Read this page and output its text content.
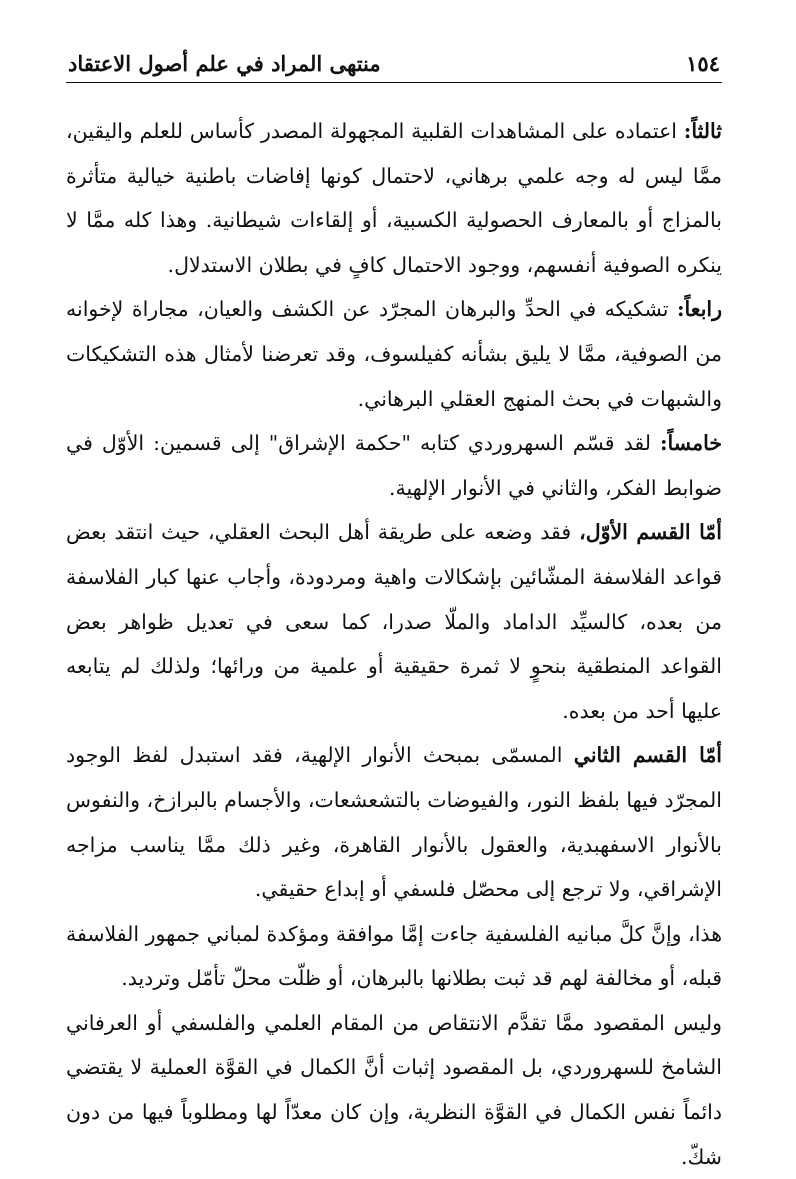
١٥٤
منتهى المراد في علم أصول الاعتقاد

ثالثاً: اعتماده على المشاهدات القلبية المجهولة المصدر كأساس للعلم واليقين، ممَّا ليس له وجه علمي برهاني، لاحتمال كونها إفاضات باطنية خيالية متأثرة بالمزاج أو بالمعارف الحصولية الكسبية، أو إلقاءات شيطانية. وهذا كله ممَّا لا ينكره الصوفية أنفسهم، ووجود الاحتمال كافٍ في بطلان الاستدلال.

رابعاً: تشكيكه في الحدِّ والبرهان المجرّد عن الكشف والعيان، مجاراة لإخوانه من الصوفية، ممَّا لا يليق بشأنه كفيلسوف، وقد تعرضنا لأمثال هذه التشكيكات والشبهات في بحث المنهج العقلي البرهاني.

خامساً: لقد قسّم السهروردي كتابه "حكمة الإشراق" إلى قسمين: الأوّل في ضوابط الفكر، والثاني في الأنوار الإلهية.

أمّا القسم الأوّل، فقد وضعه على طريقة أهل البحث العقلي، حيث انتقد بعض قواعد الفلاسفة المشّائين بإشكالات واهية ومردودة، وأجاب عنها كبار الفلاسفة من بعده، كالسيِّد الداماد والملّا صدرا، كما سعى في تعديل ظواهر بعض القواعد المنطقية بنحوٍ لا ثمرة حقيقية أو علمية من ورائها؛ ولذلك لم يتابعه عليها أحد من بعده.

أمّا القسم الثاني المسمّى بمبحث الأنوار الإلهية، فقد استبدل لفظ الوجود المجرّد فيها بلفظ النور، والفيوضات بالتشعشعات، والأجسام بالبرازخ، والنفوس بالأنوار الاسفهبدية، والعقول بالأنوار القاهرة، وغير ذلك ممَّا يناسب مزاجه الإشراقي، ولا ترجع إلى محصّل فلسفي أو إبداع حقيقي.

هذا، وإنَّ كلَّ مبانيه الفلسفية جاءت إمَّا موافقة ومؤكدة لمباني جمهور الفلاسفة قبله، أو مخالفة لهم قد ثبت بطلانها بالبرهان، أو ظلّت محلّ تأمّل وترديد.

وليس المقصود ممَّا تقدَّم الانتقاص من المقام العلمي والفلسفي أو العرفاني الشامخ للسهروردي، بل المقصود إثبات أنَّ الكمال في القوَّة العملية لا يقتضي دائماً نفس الكمال في القوَّة النظرية، وإن كان معدّاً لها ومطلوباً فيها من دون شكّ.
